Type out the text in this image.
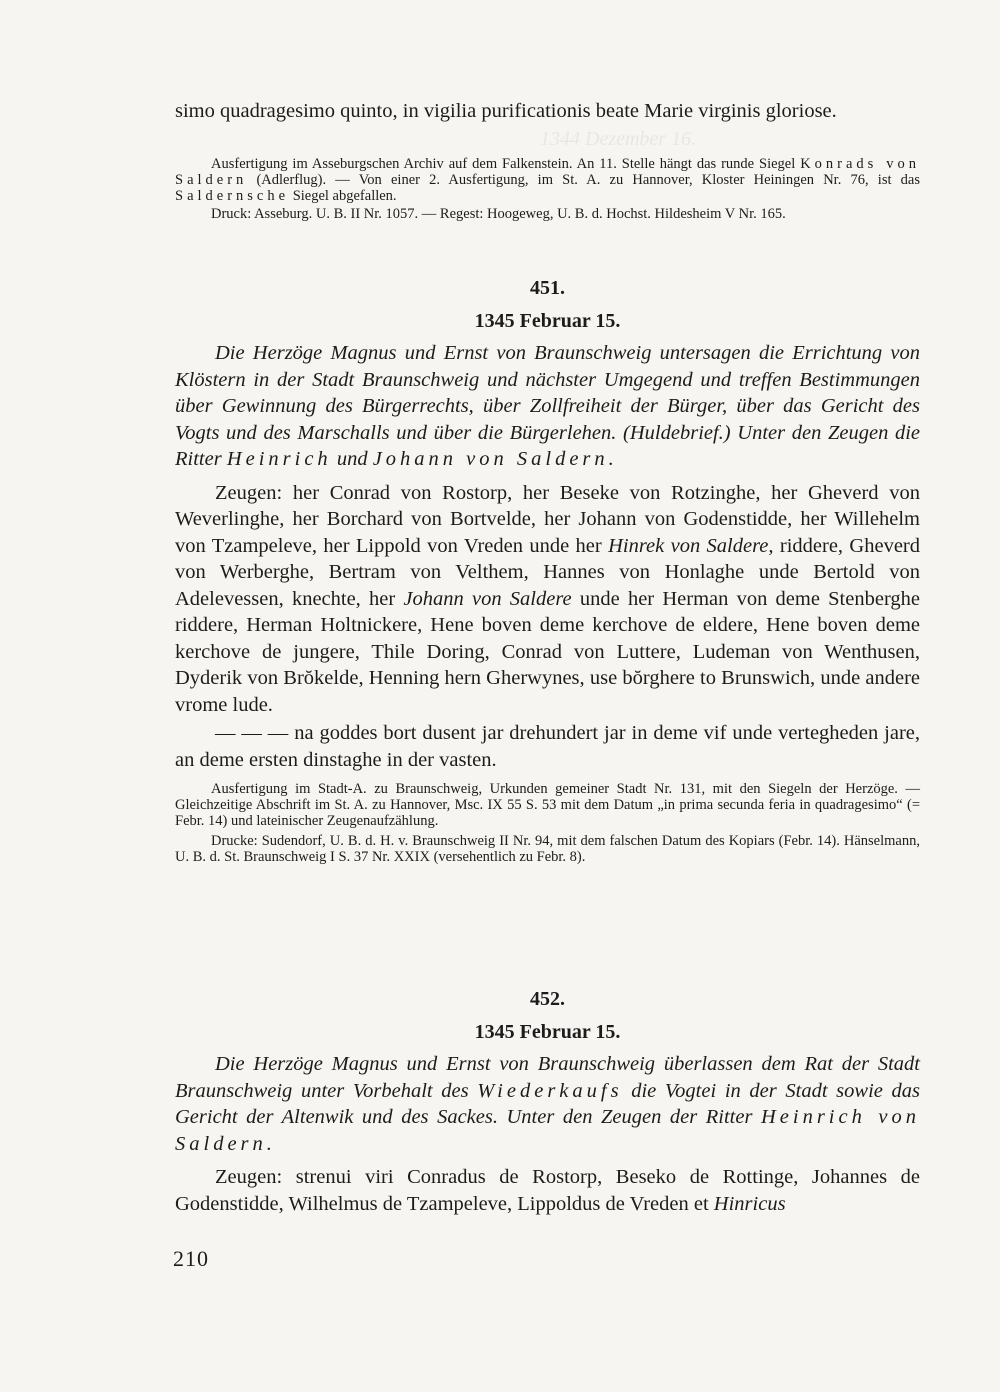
1344 Dezember 16.

simo quadragesimo quinto, in vigilia purificationis beate Marie virginis gloriose.

Ausfertigung im Asseburgschen Archiv auf dem Falkenstein. An 11. Stelle hängt das runde Siegel Konrads von Saldern (Adlerflug). — Von einer 2. Ausfertigung, im St. A. zu Hannover, Kloster Heiningen Nr. 76, ist das Saldernsche Siegel abgefallen.

Druck: Asseburg. U. B. II Nr. 1057. — Regest: Hoogeweg, U. B. d. Hochst. Hildesheim V Nr. 165.

451.

1345 Februar 15.

Die Herzöge Magnus und Ernst von Braunschweig untersagen die Errichtung von Klöstern in der Stadt Braunschweig und nächster Umgegend und treffen Bestimmungen über Gewinnung des Bürgerrechts, über Zollfreiheit der Bürger, über das Gericht des Vogts und des Marschalls und über die Bürgerlehen. (Huldebrief.) Unter den Zeugen die Ritter Heinrich und Johann von Saldern.

Zeugen: her Conrad von Rostorp, her Beseke von Rotzinghe, her Gheverd von Weverlinghe, her Borchard von Bortvelde, her Johann von Godenstidde, her Willehelm von Tzampeleve, her Lippold von Vreden unde her Hinrek von Saldere, riddere, Gheverd von Werberghe, Bertram von Velthem, Hannes von Honlaghe unde Bertold von Adelevessen, knechte, her Johann von Saldere unde her Herman von deme Stenberghe riddere, Herman Holtnickere, Hene boven deme kerchove de eldere, Hene boven deme kerchove de jungere, Thile Doring, Conrad von Luttere, Ludeman von Wenthusen, Dyderik von Brŏkelde, Henning hern Gherwynes, use bŏrghere to Brunswich, unde andere vrome lude.

— — — na goddes bort dusent jar drehundert jar in deme vif unde vertegheden jare, an deme ersten dinstaghe in der vasten.

Ausfertigung im Stadt-A. zu Braunschweig, Urkunden gemeiner Stadt Nr. 131, mit den Siegeln der Herzöge. — Gleichzeitige Abschrift im St. A. zu Hannover, Msc. IX 55 S. 53 mit dem Datum „in prima secunda feria in quadragesimo“ (= Febr. 14) und lateinischer Zeugenaufzählung.

Drucke: Sudendorf, U. B. d. H. v. Braunschweig II Nr. 94, mit dem falschen Datum des Kopiars (Febr. 14). Hänselmann, U. B. d. St. Braunschweig I S. 37 Nr. XXIX (versehentlich zu Febr. 8).

452.

1345 Februar 15.

Die Herzöge Magnus und Ernst von Braunschweig überlassen dem Rat der Stadt Braunschweig unter Vorbehalt des Wiederkaufs die Vogtei in der Stadt sowie das Gericht der Altenwik und des Sackes. Unter den Zeugen der Ritter Heinrich von Saldern.

Zeugen: strenui viri Conradus de Rostorp, Beseko de Rottinge, Johannes de Godenstidde, Wilhelmus de Tzampeleve, Lippoldus de Vreden et Hinricus

210
